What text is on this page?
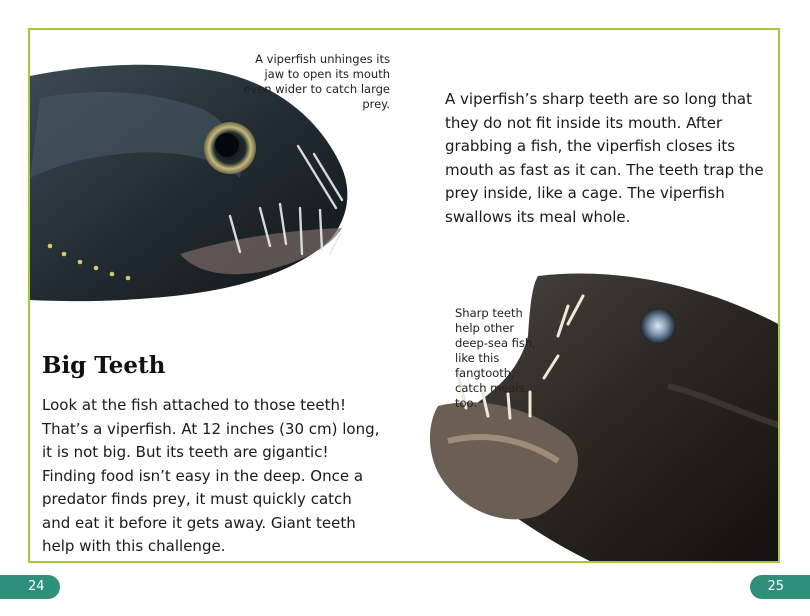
A viperfish unhinges its jaw to open its mouth even wider to catch large prey.
Sharp teeth help other deep-sea fish, like this fangtooth, catch meals, too.
A viperfish’s sharp teeth are so long that they do not fit inside its mouth. After grabbing a fish, the viperfish closes its mouth as fast as it can. The teeth trap the prey inside, like a cage. The viperfish swallows its meal whole.
Big Teeth
Look at the fish attached to those teeth! That’s a viperfish. At 12 inches (30 cm) long, it is not big. But its teeth are gigantic! Finding food isn’t easy in the deep. Once a predator finds prey, it must quickly catch and eat it before it gets away. Giant teeth help with this challenge.
24	25
